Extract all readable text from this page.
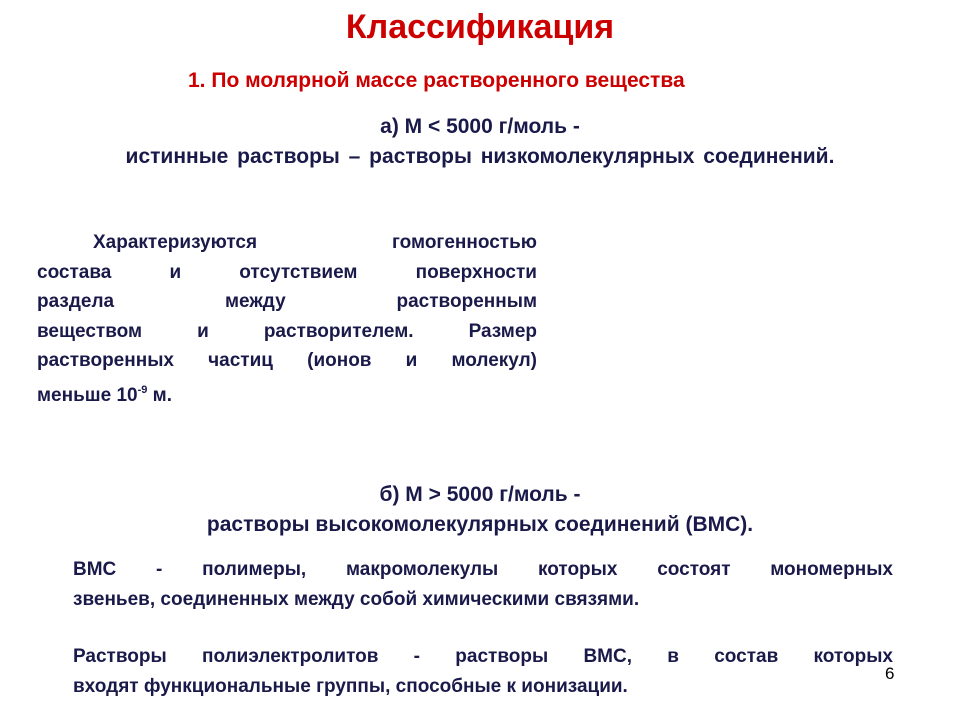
Классификация
1. По молярной массе растворенного вещества
а) М < 5000 г/моль -
истинные растворы – растворы низкомолекулярных соединений.
Характеризуются гомогенностью
состава и отсутствием поверхности
раздела между растворенным
веществом и растворителем. Размер
растворенных частиц (ионов и молекул)
меньше $10^{-9}$ м.
б) М > 5000 г/моль -
растворы высокомолекулярных соединений (ВМС).
ВМС - полимеры, макромолекулы которых состоят мономерных
звеньев, соединенных между собой химическими связями.
Растворы полиэлектролитов - растворы ВМС, в состав которых
входят функциональные группы, способные к ионизации.
6
